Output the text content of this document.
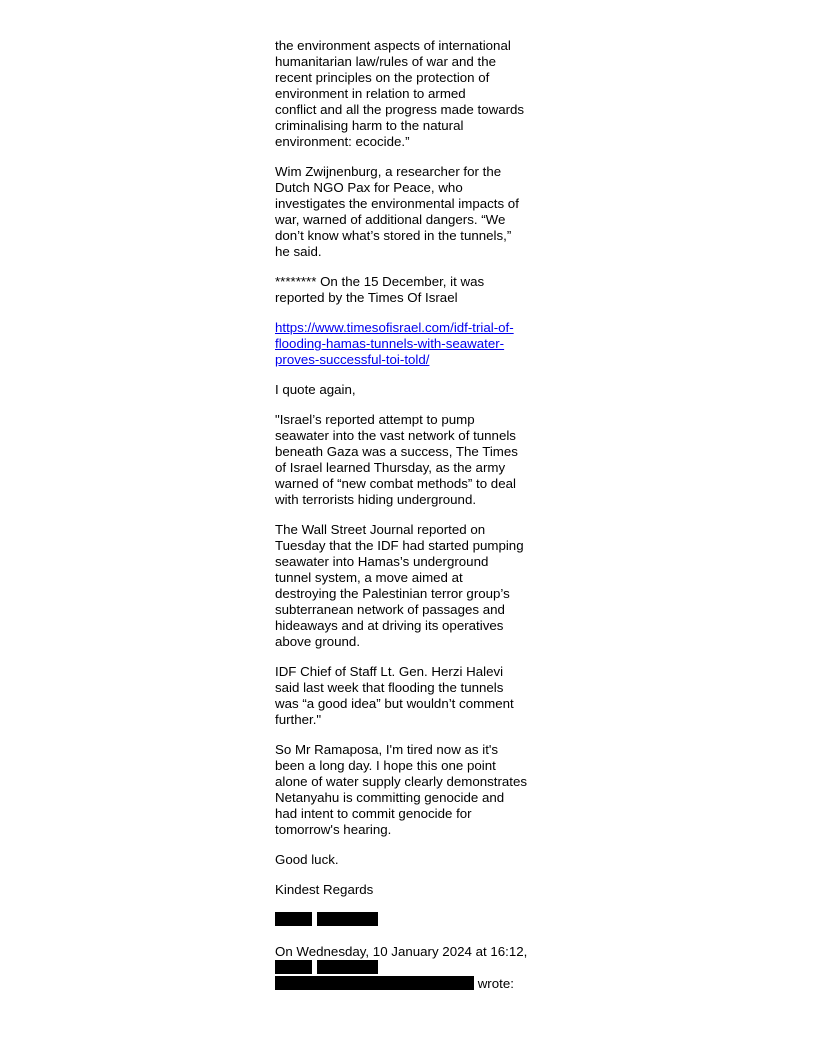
the environment aspects of international
humanitarian law/rules of war and the
recent principles on the protection of
environment in relation to armed
conflict and all the progress made towards
criminalising harm to the natural
environment: ecocide.”
Wim Zwijnenburg, a researcher for the
Dutch NGO Pax for Peace, who
investigates the environmental impacts of
war, warned of additional dangers. “We
don’t know what’s stored in the tunnels,”
he said.
******** On the 15 December, it was
reported by the Times Of Israel
https://www.timesofisrael.com/idf-trial-of-
flooding-hamas-tunnels-with-seawater-
proves-successful-toi-told/
I quote again,
"Israel’s reported attempt to pump
seawater into the vast network of tunnels
beneath Gaza was a success, The Times
of Israel learned Thursday, as the army
warned of “new combat methods” to deal
with terrorists hiding underground.
The Wall Street Journal reported on
Tuesday that the IDF had started pumping
seawater into Hamas’s underground
tunnel system, a move aimed at
destroying the Palestinian terror group’s
subterranean network of passages and
hideaways and at driving its operatives
above ground.
IDF Chief of Staff Lt. Gen. Herzi Halevi
said last week that flooding the tunnels
was “a good idea” but wouldn’t comment
further."
So Mr Ramaposa, I'm tired now as it's
been a long day. I hope this one point
alone of water supply clearly demonstrates
Netanyahu is committing genocide and
had intent to commit genocide for
tomorrow's hearing.
Good luck.
Kindest Regards

On Wednesday, 10 January 2024 at 16:12,

wrote:
